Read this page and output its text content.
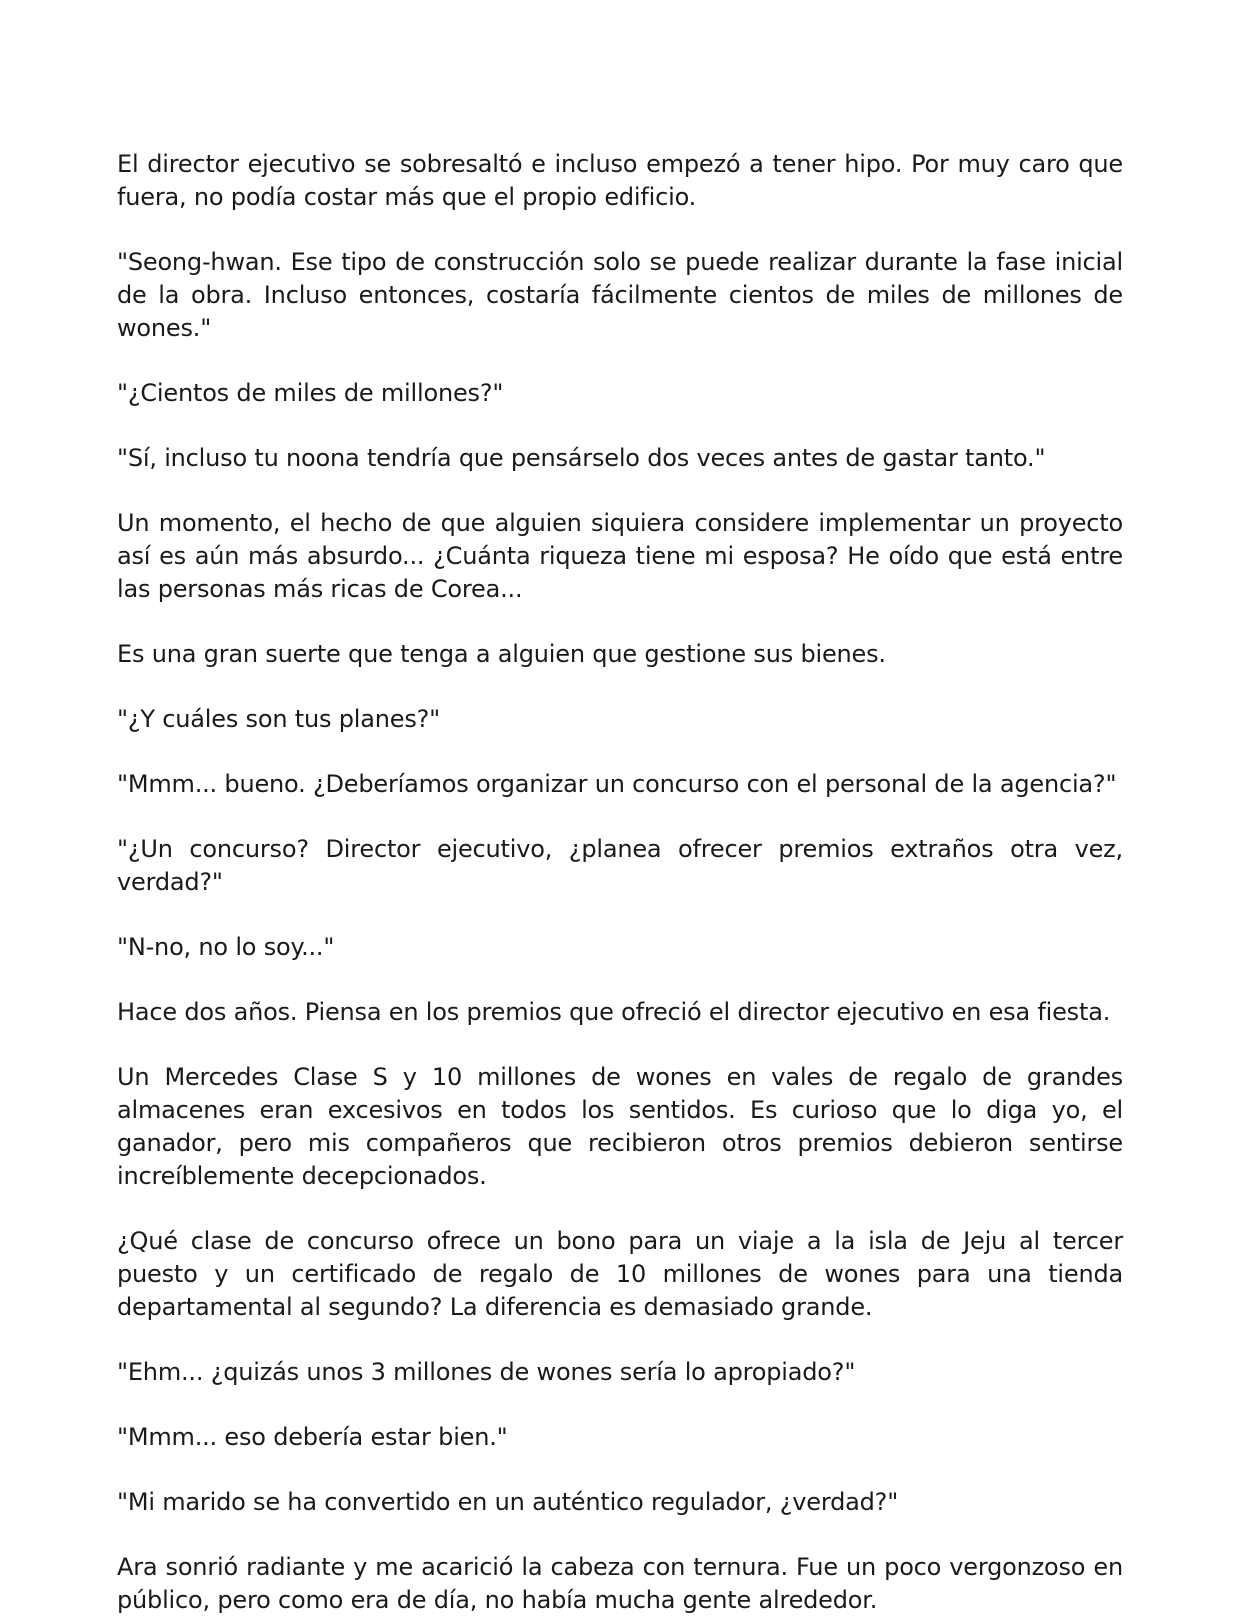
El director ejecutivo se sobresaltó e incluso empezó a tener hipo. Por muy caro que fuera, no podía costar más que el propio edificio.

"Seong-hwan. Ese tipo de construcción solo se puede realizar durante la fase inicial de la obra. Incluso entonces, costaría fácilmente cientos de miles de millones de wones."

"¿Cientos de miles de millones?"

"Sí, incluso tu noona tendría que pensárselo dos veces antes de gastar tanto."

Un momento, el hecho de que alguien siquiera considere implementar un proyecto así es aún más absurdo... ¿Cuánta riqueza tiene mi esposa? He oído que está entre las personas más ricas de Corea...

Es una gran suerte que tenga a alguien que gestione sus bienes.

"¿Y cuáles son tus planes?"

"Mmm... bueno. ¿Deberíamos organizar un concurso con el personal de la agencia?"

"¿Un concurso? Director ejecutivo, ¿planea ofrecer premios extraños otra vez, verdad?"

"N-no, no lo soy..."

Hace dos años. Piensa en los premios que ofreció el director ejecutivo en esa fiesta.

Un Mercedes Clase S y 10 millones de wones en vales de regalo de grandes almacenes eran excesivos en todos los sentidos. Es curioso que lo diga yo, el ganador, pero mis compañeros que recibieron otros premios debieron sentirse increíblemente decepcionados.

¿Qué clase de concurso ofrece un bono para un viaje a la isla de Jeju al tercer puesto y un certificado de regalo de 10 millones de wones para una tienda departamental al segundo? La diferencia es demasiado grande.

"Ehm... ¿quizás unos 3 millones de wones sería lo apropiado?"

"Mmm... eso debería estar bien."

"Mi marido se ha convertido en un auténtico regulador, ¿verdad?"

Ara sonrió radiante y me acarició la cabeza con ternura. Fue un poco vergonzoso en público, pero como era de día, no había mucha gente alrededor.
